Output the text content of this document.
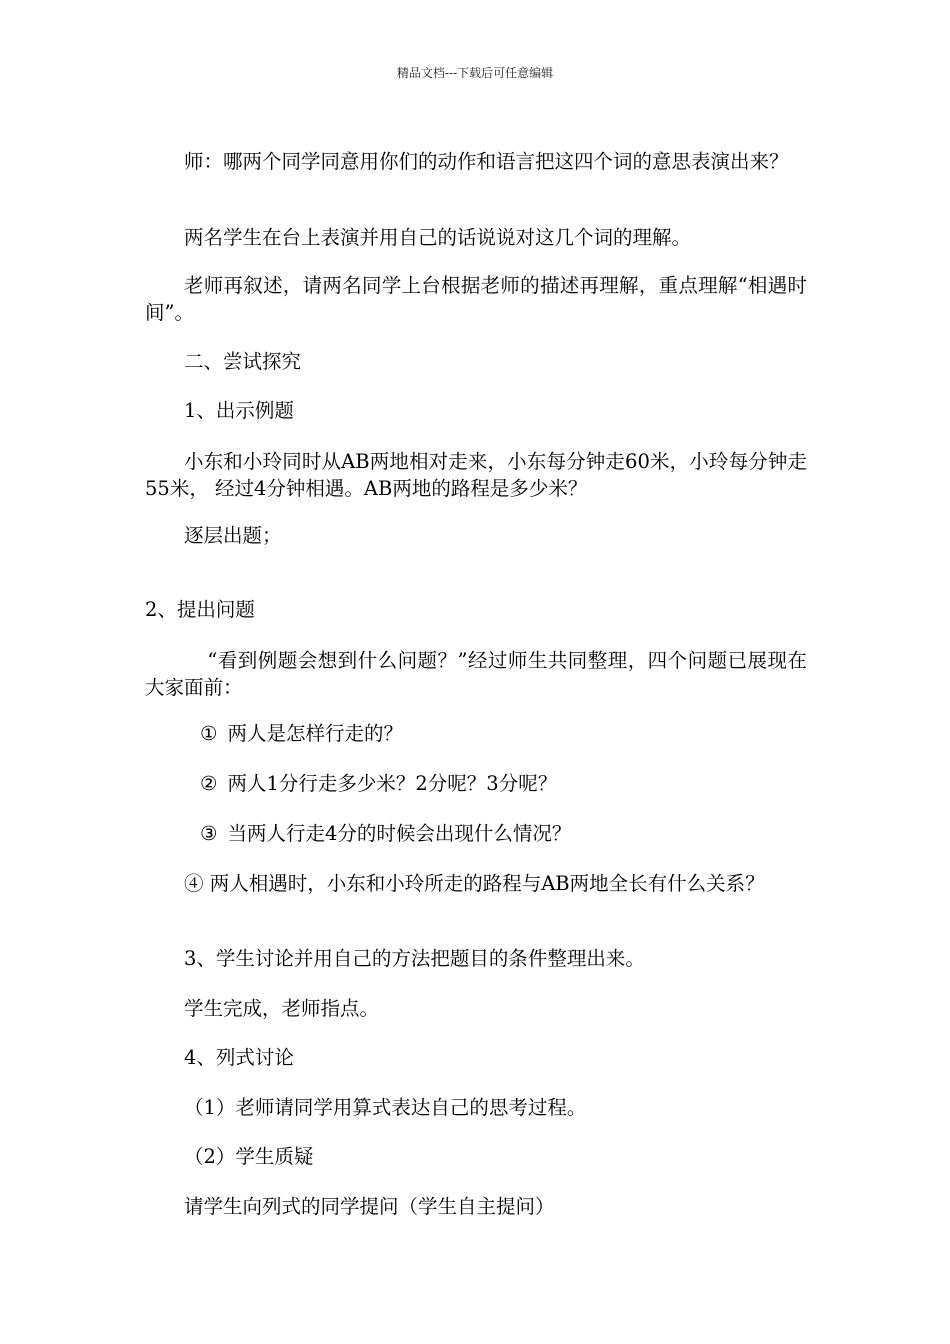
精品文档---下载后可任意编辑

师：哪两个同学同意用你们的动作和语言把这四个词的意思表演出来？

两名学生在台上表演并用自己的话说说对这几个词的理解。

老师再叙述，请两名同学上台根据老师的描述再理解，重点理解“相遇时间”。

二、尝试探究

1、出示例题

小东和小玲同时从AB两地相对走来，小东每分钟走60米，小玲每分钟走55米， 经过4分钟相遇。AB两地的路程是多少米？

逐层出题；

2、提出问题

“看到例题会想到什么问题？”经过师生共同整理，四个问题已展现在大家面前：

① 两人是怎样行走的？

② 两人1分行走多少米？2分呢？3分呢？

③ 当两人行走4分的时候会出现什么情况？

④ 两人相遇时，小东和小玲所走的路程与AB两地全长有什么关系？

3、学生讨论并用自己的方法把题目的条件整理出来。

学生完成，老师指点。

4、列式讨论

（1）老师请同学用算式表达自己的思考过程。

（2）学生质疑

请学生向列式的同学提问（学生自主提问）
